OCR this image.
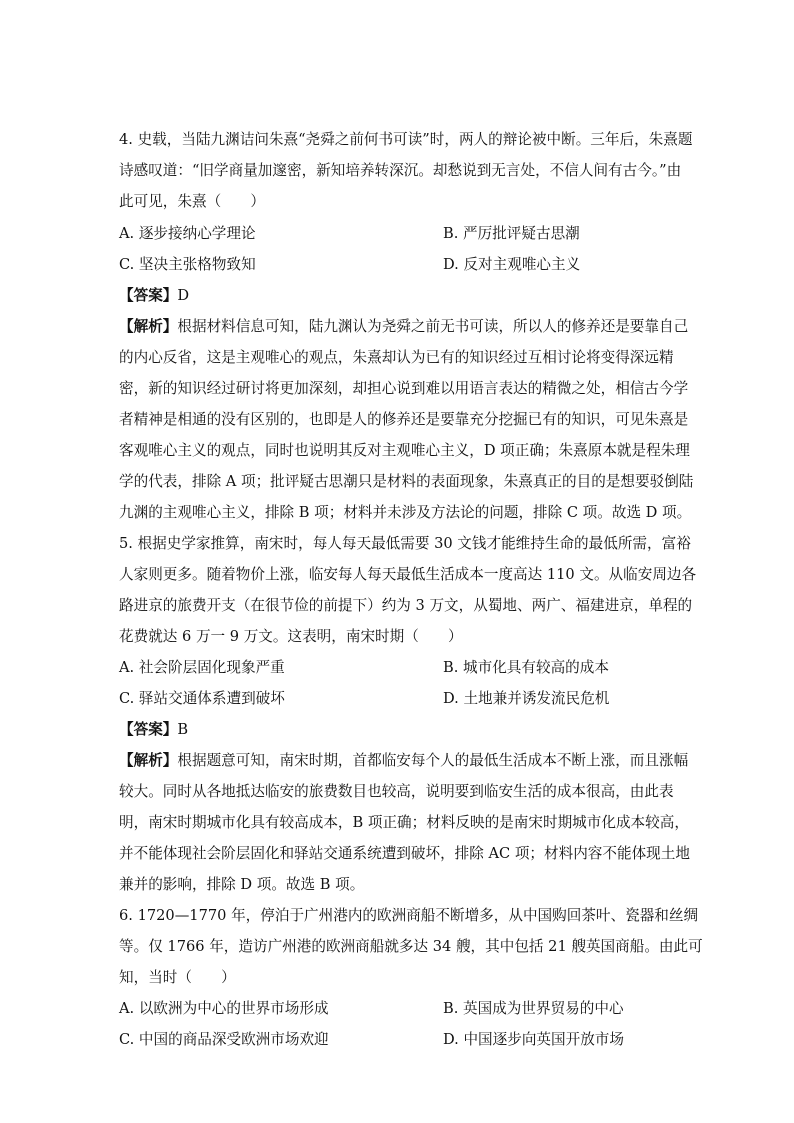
4. 史载，当陆九渊诘问朱熹“尧舜之前何书可读”时，两人的辩论被中断。三年后，朱熹题
诗感叹道：“旧学商量加邃密，新知培养转深沉。却愁说到无言处，不信人间有古今。”由
此可见，朱熹（　　）
A. 逐步接纳心学理论	B. 严厉批评疑古思潮
C. 坚决主张格物致知	D. 反对主观唯心主义
【答案】D
【解析】根据材料信息可知，陆九渊认为尧舜之前无书可读，所以人的修养还是要靠自己
的内心反省，这是主观唯心的观点，朱熹却认为已有的知识经过互相讨论将变得深远精
密，新的知识经过研讨将更加深刻，却担心说到难以用语言表达的精微之处，相信古今学
者精神是相通的没有区别的，也即是人的修养还是要靠充分挖掘已有的知识，可见朱熹是
客观唯心主义的观点，同时也说明其反对主观唯心主义，D 项正确；朱熹原本就是程朱理
学的代表，排除 A 项；批评疑古思潮只是材料的表面现象，朱熹真正的目的是想要驳倒陆
九渊的主观唯心主义，排除 B 项；材料并未涉及方法论的问题，排除 C 项。故选 D 项。
5. 根据史学家推算，南宋时，每人每天最低需要 30 文钱才能维持生命的最低所需，富裕
人家则更多。随着物价上涨，临安每人每天最低生活成本一度高达 110 文。从临安周边各
路进京的旅费开支（在很节俭的前提下）约为 3 万文，从蜀地、两广、福建进京，单程的
花费就达 6 万一 9 万文。这表明，南宋时期（　　）
A. 社会阶层固化现象严重	B. 城市化具有较高的成本
C. 驿站交通体系遭到破坏	D. 土地兼并诱发流民危机
【答案】B
【解析】根据题意可知，南宋时期，首都临安每个人的最低生活成本不断上涨，而且涨幅
较大。同时从各地抵达临安的旅费数目也较高，说明要到临安生活的成本很高，由此表
明，南宋时期城市化具有较高成本，B 项正确；材料反映的是南宋时期城市化成本较高，
并不能体现社会阶层固化和驿站交通系统遭到破坏，排除 AC 项；材料内容不能体现土地
兼并的影响，排除 D 项。故选 B 项。
6. 1720—1770 年，停泊于广州港内的欧洲商船不断增多，从中国购回茶叶、瓷器和丝绸
等。仅 1766 年，造访广州港的欧洲商船就多达 34 艘，其中包括 21 艘英国商船。由此可
知，当时（　　）
A. 以欧洲为中心的世界市场形成	B. 英国成为世界贸易的中心
C. 中国的商品深受欧洲市场欢迎	D. 中国逐步向英国开放市场
